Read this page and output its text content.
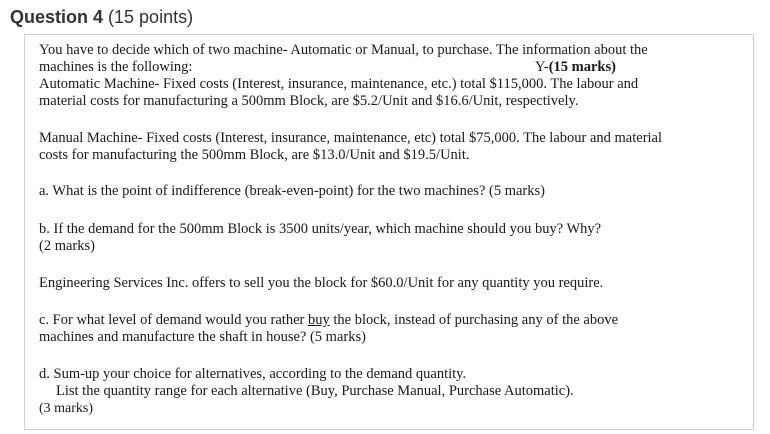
Question 4 (15 points)
You have to decide which of two machine- Automatic or Manual, to purchase. The information about the
machines is the following:	Y-(15 marks)
Automatic Machine- Fixed costs (Interest, insurance, maintenance, etc.) total $115,000. The labour and
material costs for manufacturing a 500mm Block, are $5.2/Unit and $16.6/Unit, respectively.
Manual Machine- Fixed costs (Interest, insurance, maintenance, etc) total $75,000. The labour and material
costs for manufacturing the 500mm Block, are $13.0/Unit and $19.5/Unit.
a. What is the point of indifference (break-even-point) for the two machines? (5 marks)
b. If the demand for the 500mm Block is 3500 units/year, which machine should you buy? Why?
(2 marks)
Engineering Services Inc. offers to sell you the block for $60.0/Unit for any quantity you require.
c. For what level of demand would you rather buy the block, instead of purchasing any of the above
machines and manufacture the shaft in house? (5 marks)
d. Sum-up your choice for alternatives, according to the demand quantity.
List the quantity range for each alternative (Buy, Purchase Manual, Purchase Automatic).
(3 marks)
